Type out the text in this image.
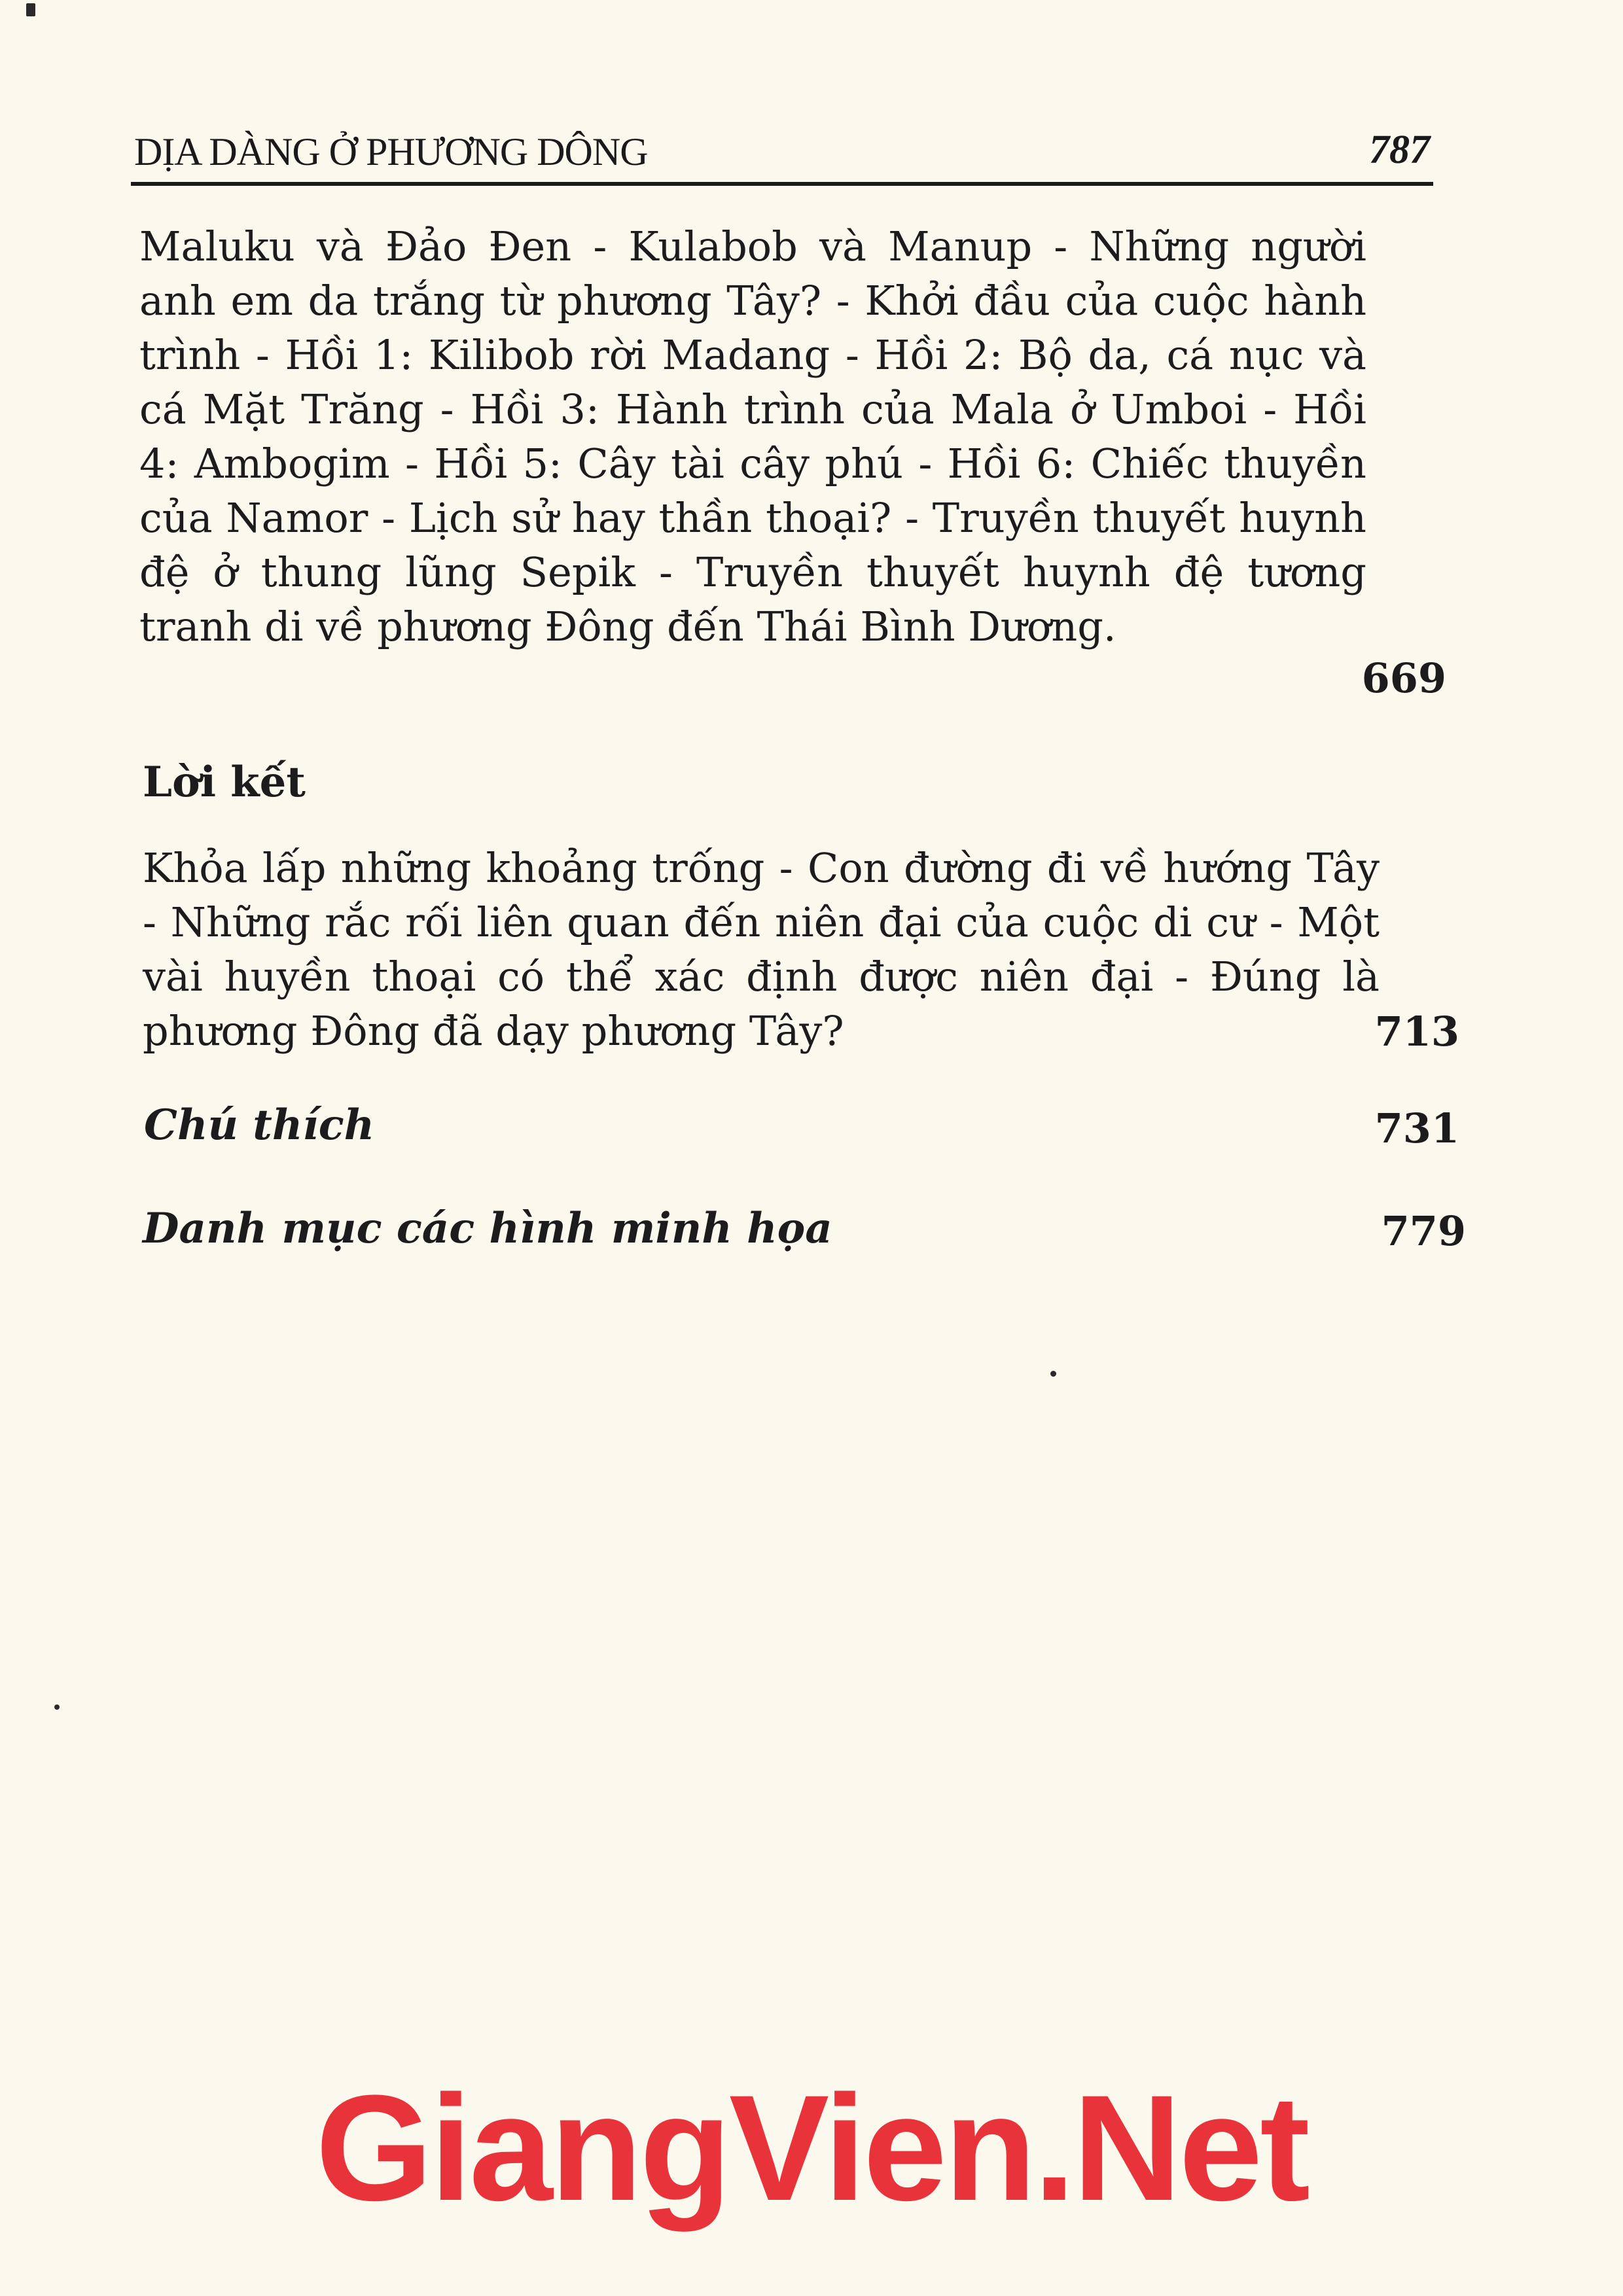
DỊA DÀNG Ở PHƯƠNG DÔNG	787
Maluku và Đảo Đen - Kulabob và Manup - Những người anh em da trắng từ phương Tây? - Khởi đầu của cuộc hành trình - Hồi 1: Kilibob rời Madang - Hồi 2: Bộ da, cá nục và cá Mặt Trăng - Hồi 3: Hành trình của Mala ở Umboi - Hồi 4: Ambogim - Hồi 5: Cây tài cây phú - Hồi 6: Chiếc thuyền của Namor - Lịch sử hay thần thoại? - Truyền thuyết huynh đệ ở thung lũng Sepik - Truyền thuyết huynh đệ tương tranh di về phương Đông đến Thái Bình Dương.
669
Lời kết
Khỏa lấp những khoảng trống - Con đường đi về hướng Tây - Những rắc rối liên quan đến niên đại của cuộc di cư - Một vài huyền thoại có thể xác định được niên đại - Đúng là phương Đông đã dạy phương Tây?	713
Chú thích	731
Danh mục các hình minh họa	779
GiangVien.Net
